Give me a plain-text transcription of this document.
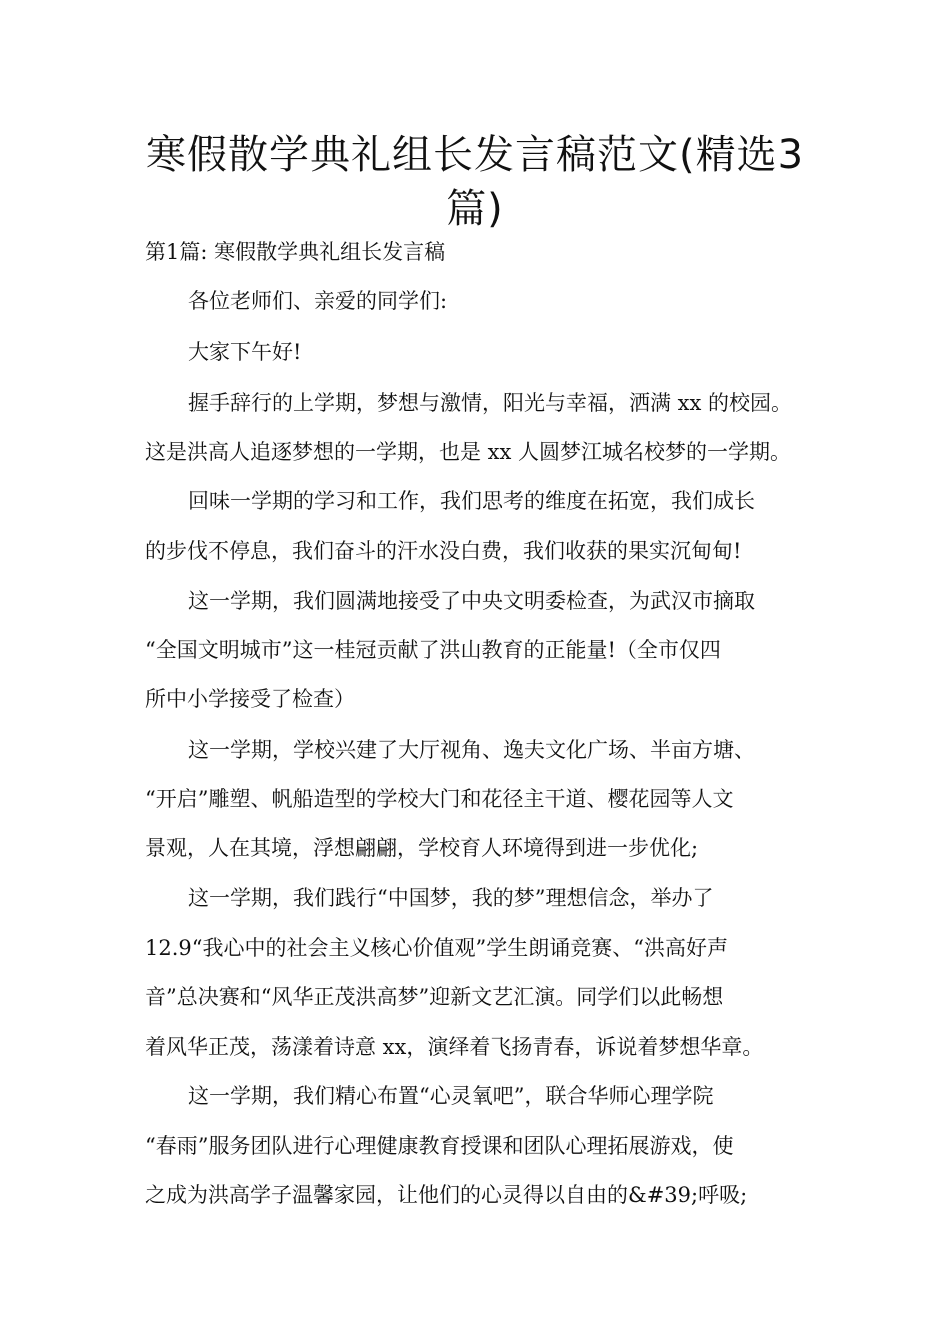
寒假散学典礼组长发言稿范文(精选3
篇)

第1篇: 寒假散学典礼组长发言稿

各位老师们、亲爱的同学们:

大家下午好!

握手辞行的上学期，梦想与激情，阳光与幸福，洒满 xx 的校园。

这是洪高人追逐梦想的一学期，也是 xx 人圆梦江城名校梦的一学期。

回味一学期的学习和工作，我们思考的维度在拓宽，我们成长

的步伐不停息，我们奋斗的汗水没白费，我们收获的果实沉甸甸!

这一学期，我们圆满地接受了中央文明委检查，为武汉市摘取

“全国文明城市”这一桂冠贡献了洪山教育的正能量!（全市仅四

所中小学接受了检查）

这一学期，学校兴建了大厅视角、逸夫文化广场、半亩方塘、

“开启”雕塑、帆船造型的学校大门和花径主干道、樱花园等人文

景观，人在其境，浮想翩翩，学校育人环境得到进一步优化;

这一学期，我们践行“中国梦，我的梦”理想信念，举办了

12.9“我心中的社会主义核心价值观”学生朗诵竞赛、“洪高好声

音”总决赛和“风华正茂洪高梦”迎新文艺汇演。同学们以此畅想

着风华正茂，荡漾着诗意 xx，演绎着飞扬青春，诉说着梦想华章。

这一学期，我们精心布置“心灵氧吧”，联合华师心理学院

“春雨”服务团队进行心理健康教育授课和团队心理拓展游戏，使

之成为洪高学子温馨家园，让他们的心灵得以自由的&#39;呼吸;
